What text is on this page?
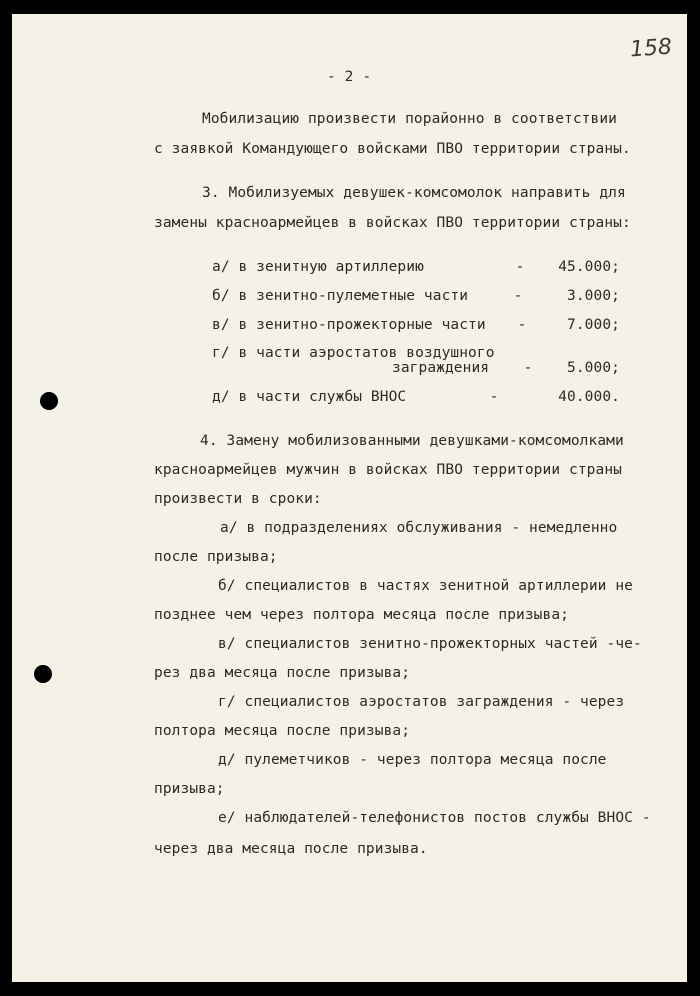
158
- 2 -
Мобилизацию произвести порайонно в соответствии
с заявкой Командующего войсками ПВО территории страны.
3. Мобилизуемых девушек-комсомолок направить для
замены красноармейцев в войсках ПВО территории страны:
а/ в зенитную артиллерию	-	45.000;
б/ в зенитно-пулеметные части	-	3.000;
в/ в зенитно-прожекторные части	-	7.000;
г/ в части аэростатов воздушного
заграждения	-	5.000;
д/ в части службы ВНОС	-	40.000.
4. Замену мобилизованными девушками-комсомолками
красноармейцев мужчин в войсках ПВО территории страны
произвести в сроки:
а/ в подразделениях обслуживания - немедленно
после призыва;
б/ специалистов в частях зенитной артиллерии не
позднее чем через полтора месяца после призыва;
в/ специалистов зенитно-прожекторных частей -че-
рез два месяца после призыва;
г/ специалистов аэростатов заграждения - через
полтора месяца после призыва;
д/ пулеметчиков - через полтора месяца после
призыва;
е/ наблюдателей-телефонистов постов службы ВНОС -
через два месяца после призыва.
